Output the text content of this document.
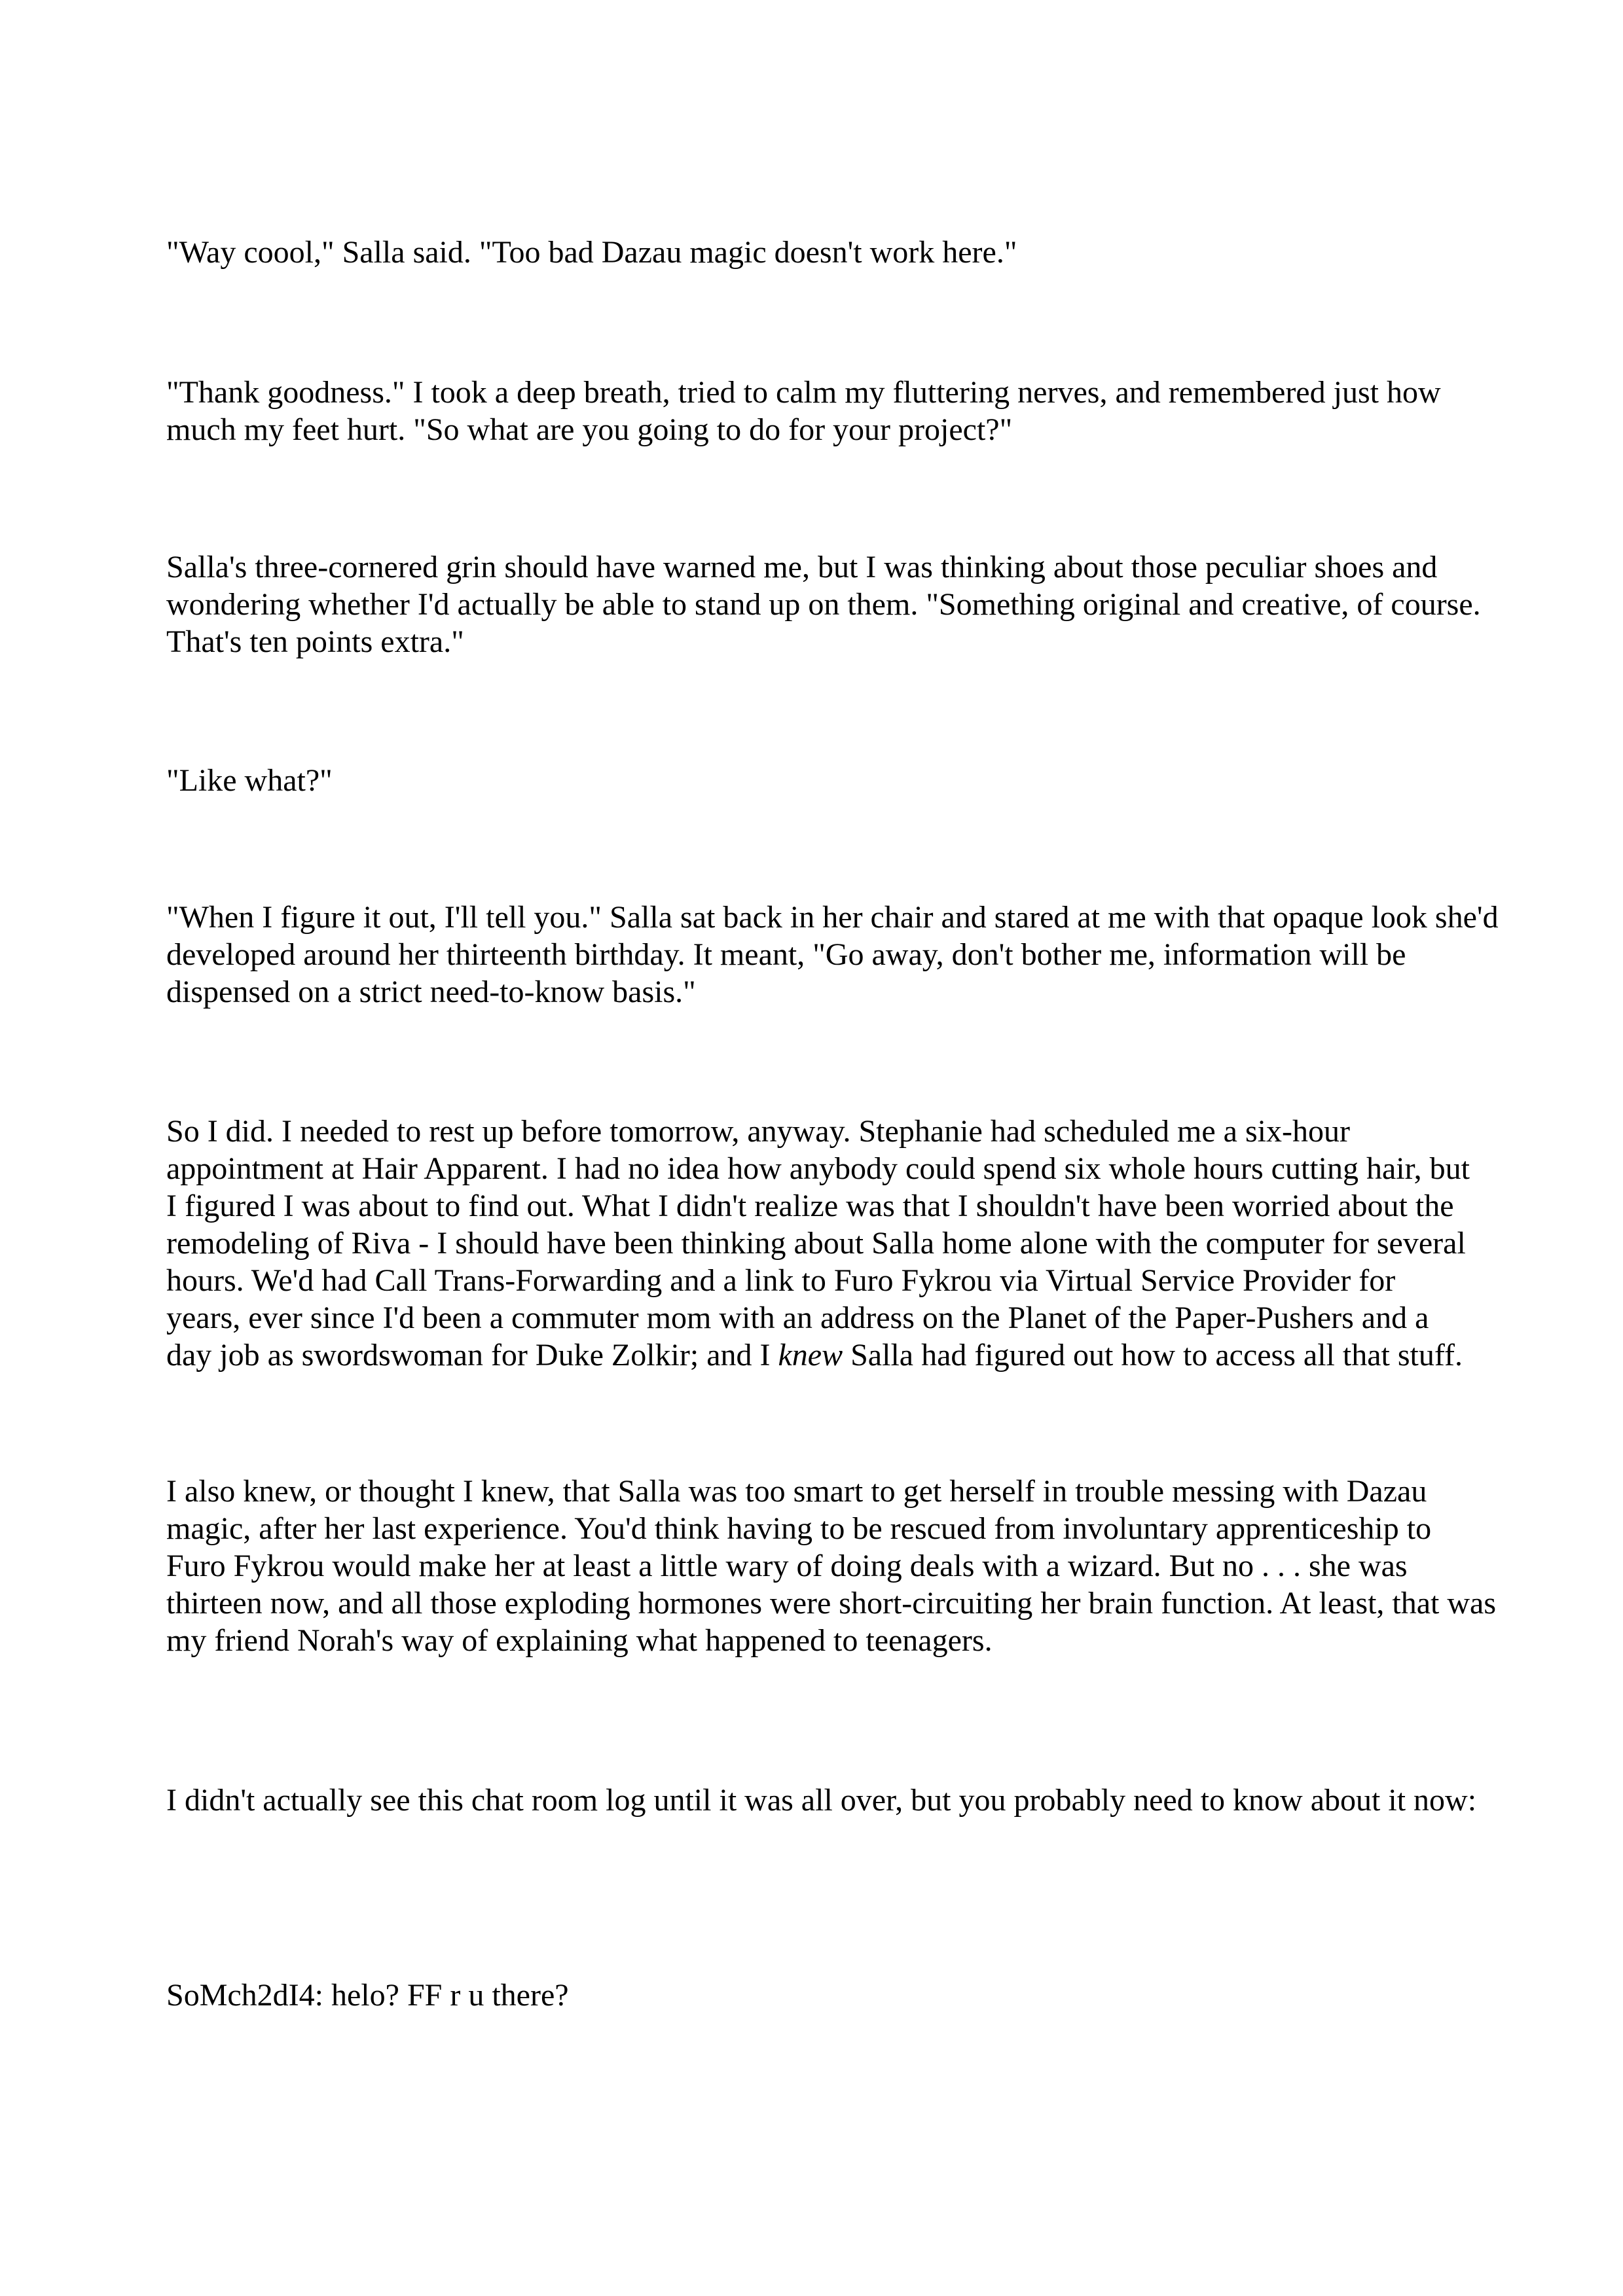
"Way coool," Salla said. "Too bad Dazau magic doesn't work here."

"Thank goodness." I took a deep breath, tried to calm my fluttering nerves, and remembered just how
much my feet hurt. "So what are you going to do for your project?"

Salla's three-cornered grin should have warned me, but I was thinking about those peculiar shoes and
wondering whether I'd actually be able to stand up on them. "Something original and creative, of course.
That's ten points extra."

"Like what?"

"When I figure it out, I'll tell you." Salla sat back in her chair and stared at me with that opaque look she'd
developed around her thirteenth birthday. It meant, "Go away, don't bother me, information will be
dispensed on a strict need-to-know basis."

So I did. I needed to rest up before tomorrow, anyway. Stephanie had scheduled me a six-hour
appointment at Hair Apparent. I had no idea how anybody could spend six whole hours cutting hair, but
I figured I was about to find out. What I didn't realize was that I shouldn't have been worried about the
remodeling of Riva - I should have been thinking about Salla home alone with the computer for several
hours. We'd had Call Trans-Forwarding and a link to Furo Fykrou via Virtual Service Provider for
years, ever since I'd been a commuter mom with an address on the Planet of the Paper-Pushers and a
day job as swordswoman for Duke Zolkir; and I knew Salla had figured out how to access all that stuff.

I also knew, or thought I knew, that Salla was too smart to get herself in trouble messing with Dazau
magic, after her last experience. You'd think having to be rescued from involuntary apprenticeship to
Furo Fykrou would make her at least a little wary of doing deals with a wizard. But no . . . she was
thirteen now, and all those exploding hormones were short-circuiting her brain function. At least, that was
my friend Norah's way of explaining what happened to teenagers.

I didn't actually see this chat room log until it was all over, but you probably need to know about it now:

SoMch2dI4: helo? FF r u there?
